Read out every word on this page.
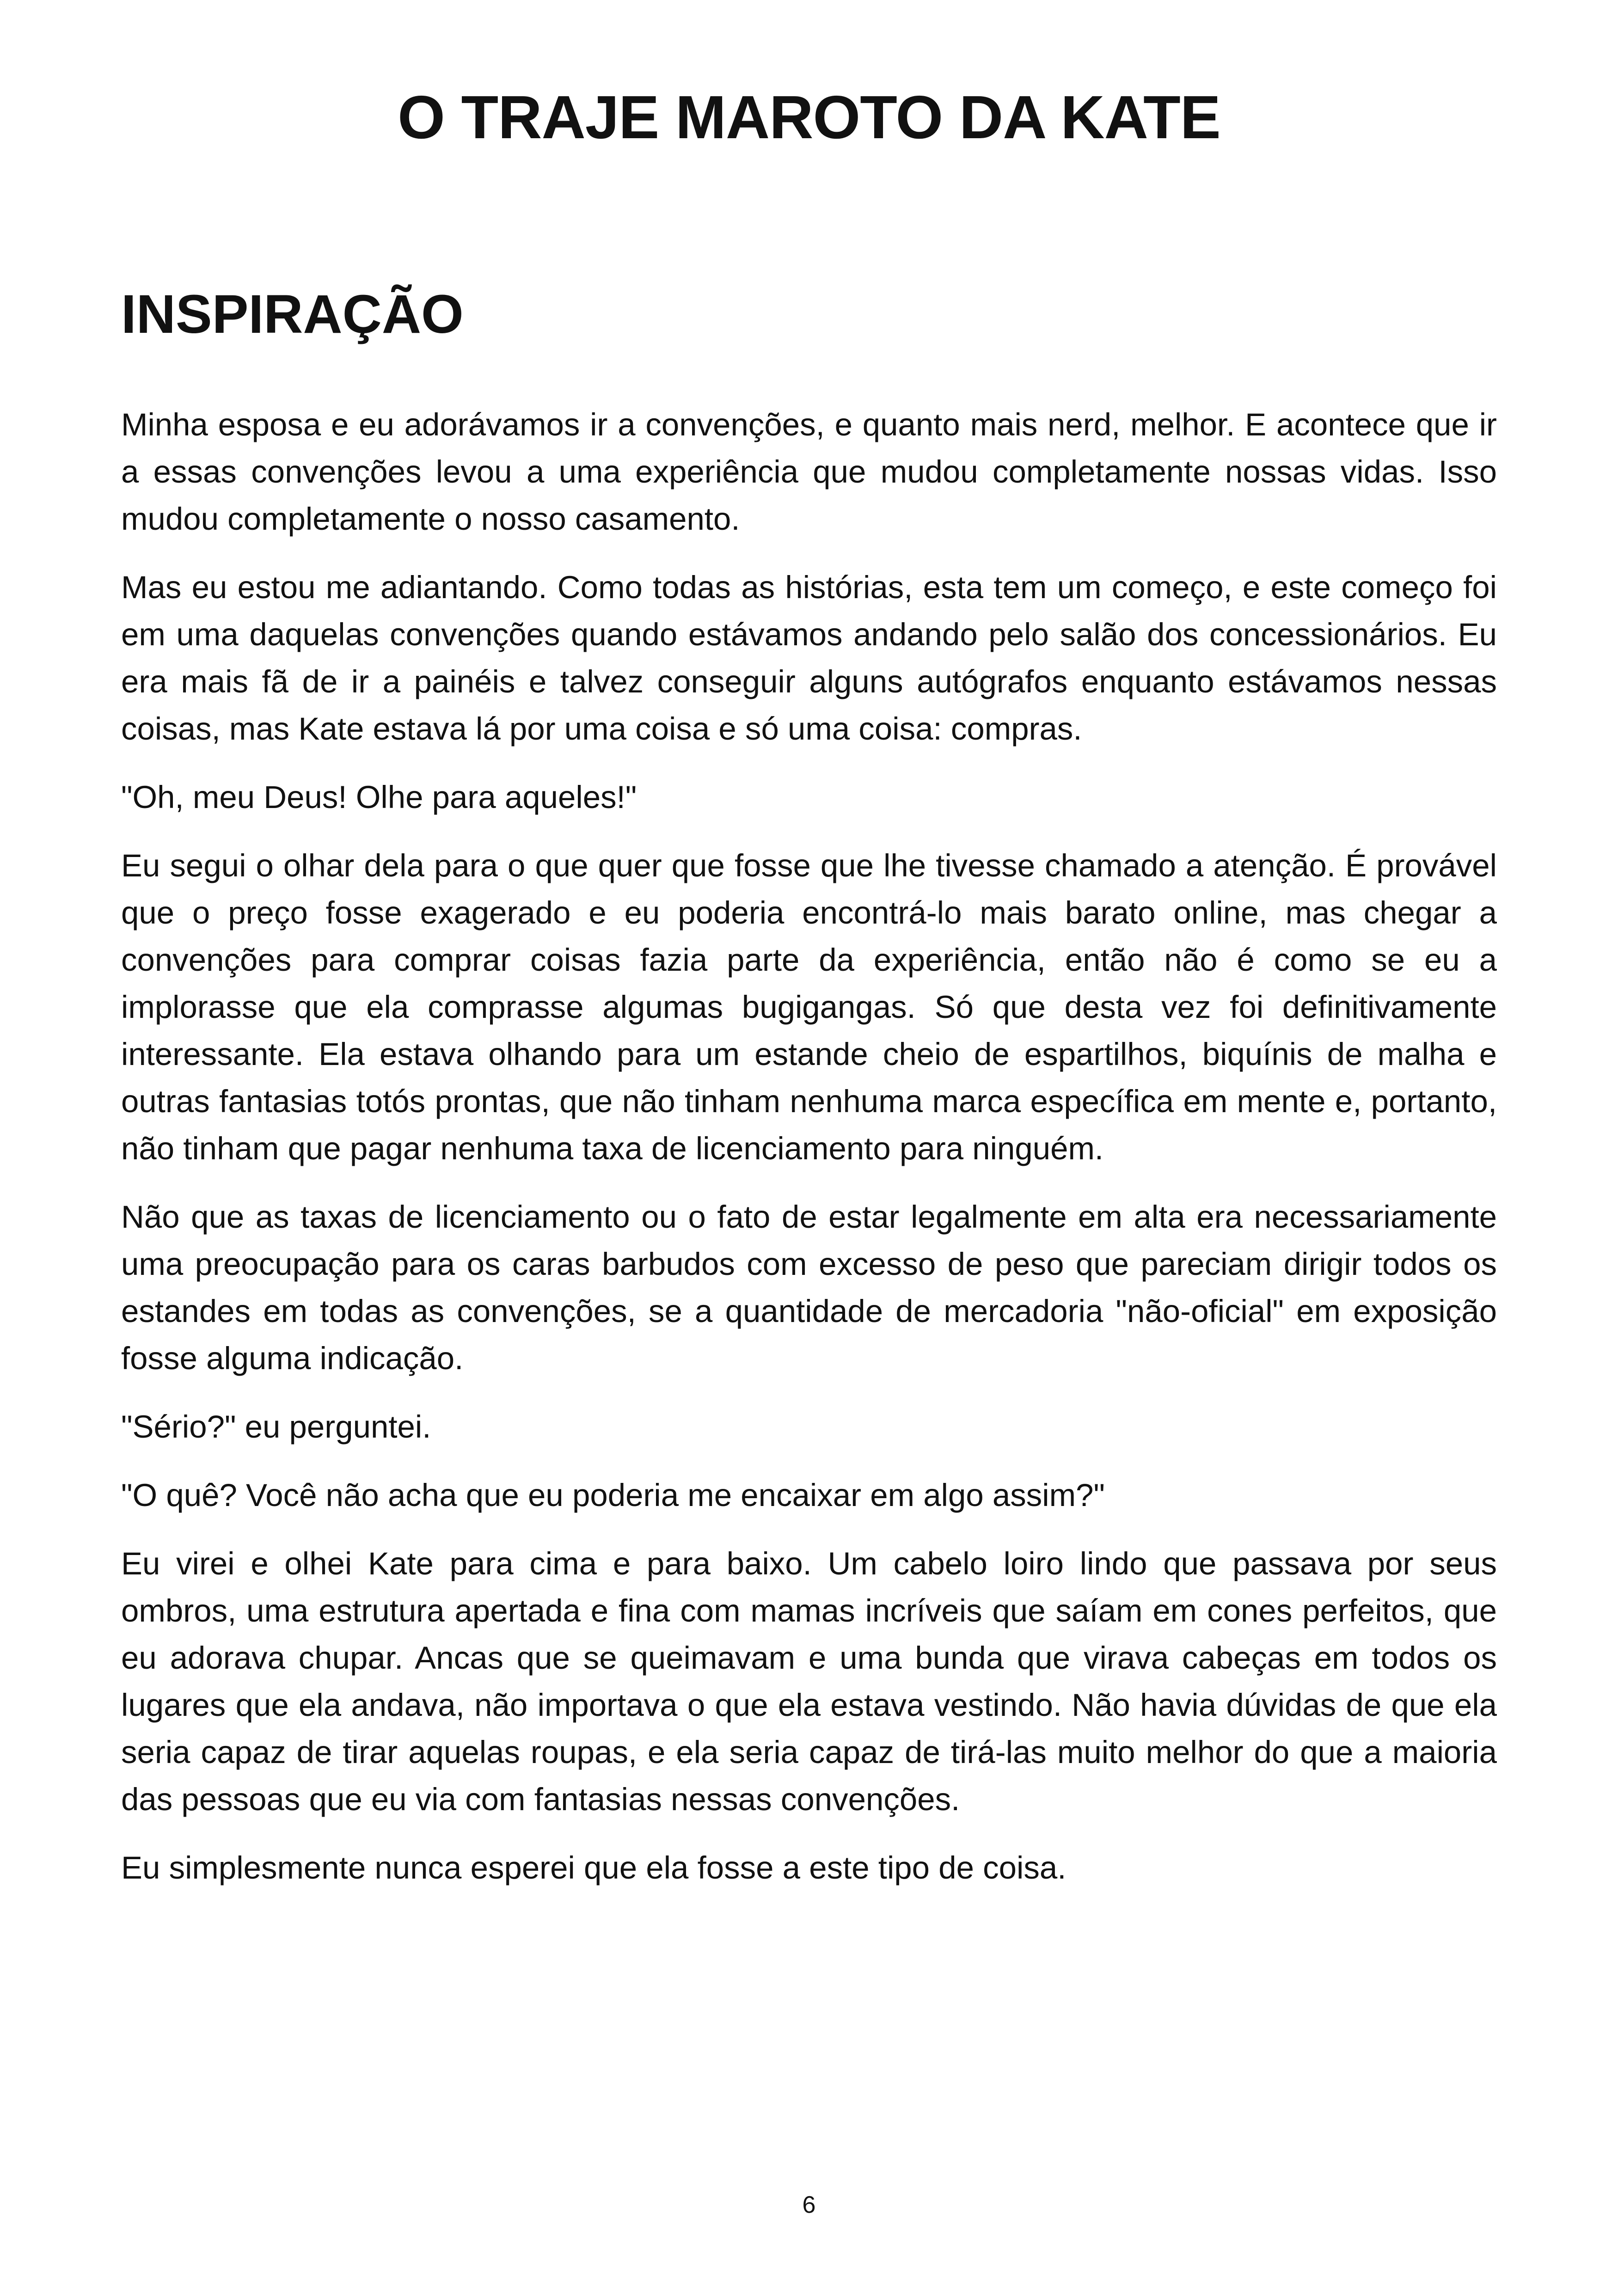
O TRAJE MAROTO DA KATE
INSPIRAÇÃO

Minha esposa e eu adorávamos ir a convenções, e quanto mais nerd, melhor. E acontece que ir a essas convenções levou a uma experiência que mudou completamente nossas vidas. Isso mudou completamente o nosso casamento.

Mas eu estou me adiantando. Como todas as histórias, esta tem um começo, e este começo foi em uma daquelas convenções quando estávamos andando pelo salão dos concessionários. Eu era mais fã de ir a painéis e talvez conseguir alguns autógrafos enquanto estávamos nessas coisas, mas Kate estava lá por uma coisa e só uma coisa: compras.

"Oh, meu Deus! Olhe para aqueles!"

Eu segui o olhar dela para o que quer que fosse que lhe tivesse chamado a atenção. É provável que o preço fosse exagerado e eu poderia encontrá-lo mais barato online, mas chegar a convenções para comprar coisas fazia parte da experiência, então não é como se eu a implorasse que ela comprasse algumas bugigangas. Só que desta vez foi definitivamente interessante. Ela estava olhando para um estande cheio de espartilhos, biquínis de malha e outras fantasias totós prontas, que não tinham nenhuma marca específica em mente e, portanto, não tinham que pagar nenhuma taxa de licenciamento para ninguém.

Não que as taxas de licenciamento ou o fato de estar legalmente em alta era necessariamente uma preocupação para os caras barbudos com excesso de peso que pareciam dirigir todos os estandes em todas as convenções, se a quantidade de mercadoria "não-oficial" em exposição fosse alguma indicação.

"Sério?" eu perguntei.

"O quê? Você não acha que eu poderia me encaixar em algo assim?"

Eu virei e olhei Kate para cima e para baixo. Um cabelo loiro lindo que passava por seus ombros, uma estrutura apertada e fina com mamas incríveis que saíam em cones perfeitos, que eu adorava chupar. Ancas que se queimavam e uma bunda que virava cabeças em todos os lugares que ela andava, não importava o que ela estava vestindo. Não havia dúvidas de que ela seria capaz de tirar aquelas roupas, e ela seria capaz de tirá-las muito melhor do que a maioria das pessoas que eu via com fantasias nessas convenções.

Eu simplesmente nunca esperei que ela fosse a este tipo de coisa.

6
